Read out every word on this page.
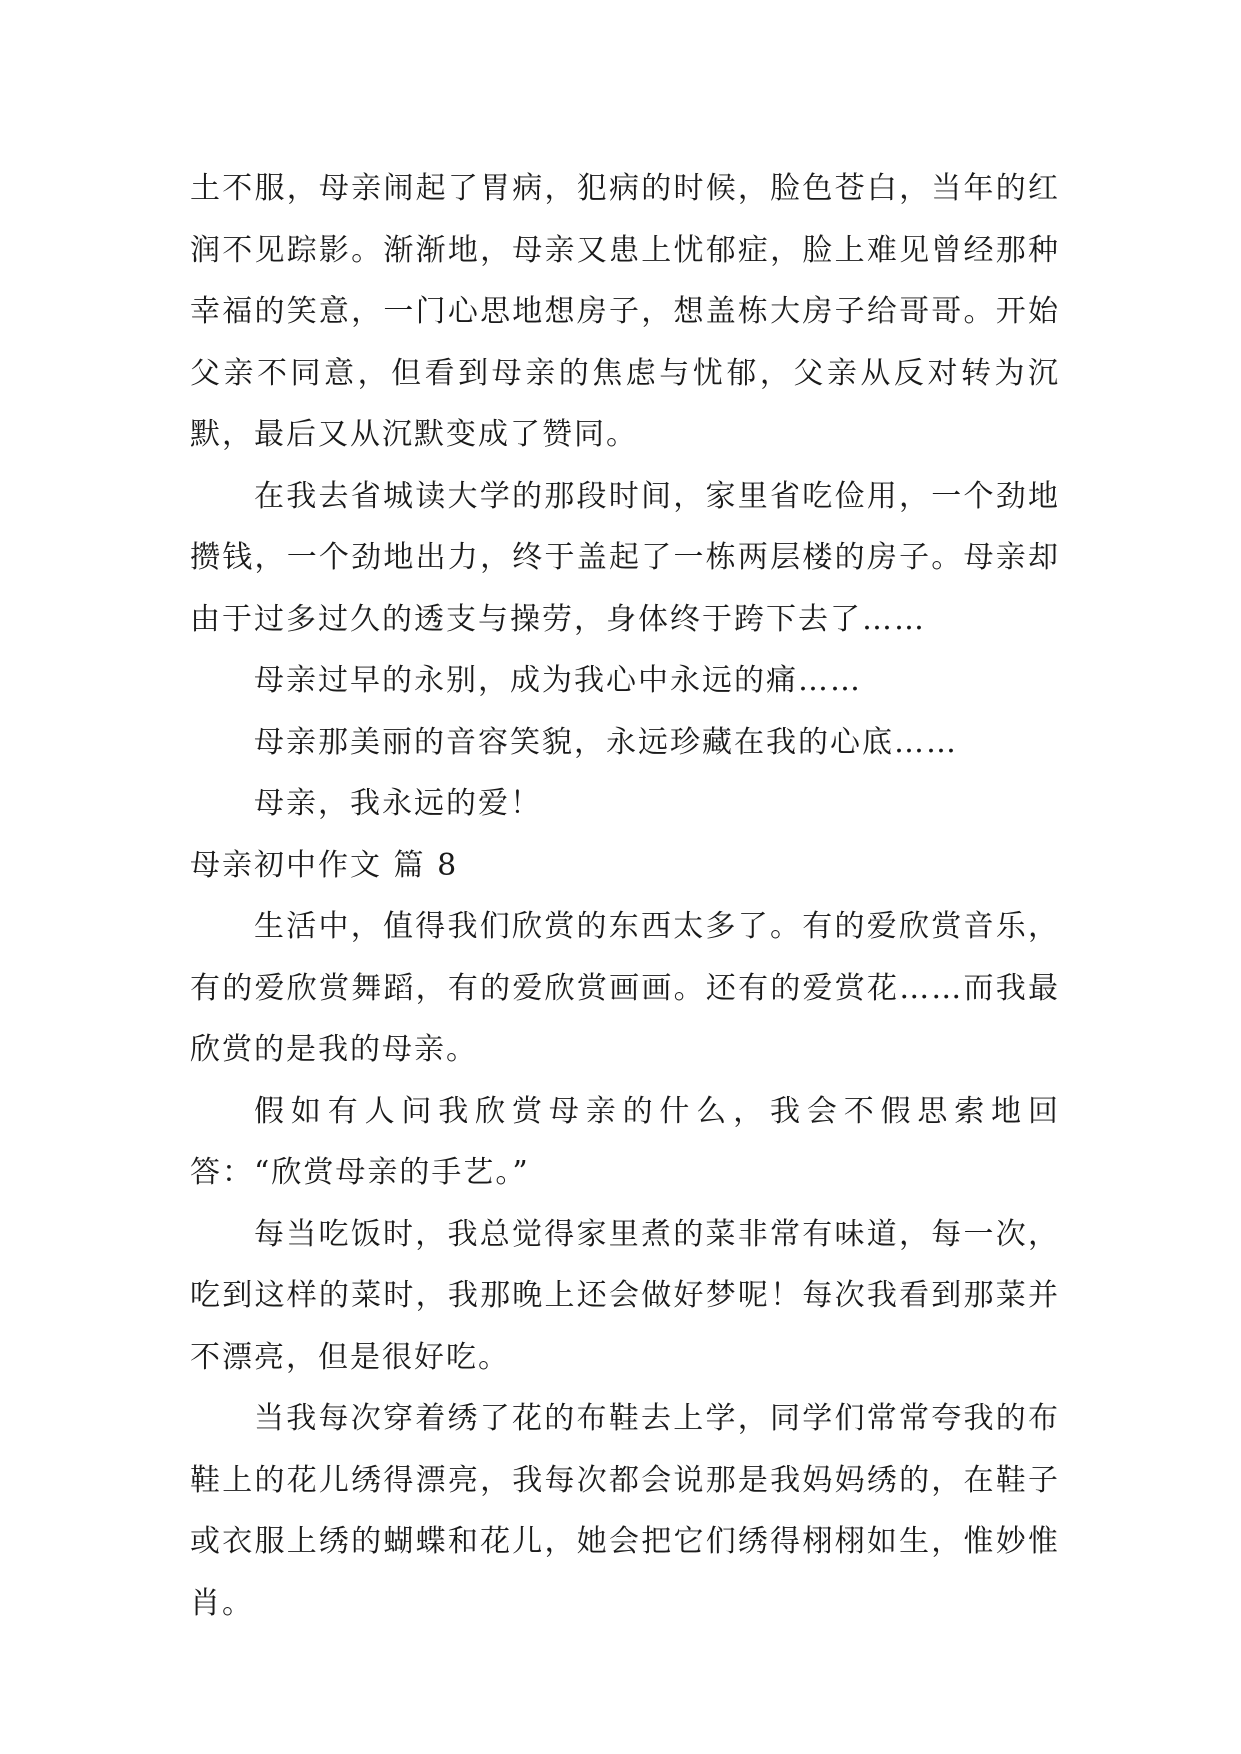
土不服，母亲闹起了胃病，犯病的时候，脸色苍白，当年的红润不见踪影。渐渐地，母亲又患上忧郁症，脸上难见曾经那种幸福的笑意，一门心思地想房子，想盖栋大房子给哥哥。开始父亲不同意，但看到母亲的焦虑与忧郁，父亲从反对转为沉默，最后又从沉默变成了赞同。

在我去省城读大学的那段时间，家里省吃俭用，一个劲地攒钱，一个劲地出力，终于盖起了一栋两层楼的房子。母亲却由于过多过久的透支与操劳，身体终于跨下去了……

母亲过早的永别，成为我心中永远的痛……

母亲那美丽的音容笑貌，永远珍藏在我的心底……

母亲，我永远的爱！

母亲初中作文 篇 8

生活中，值得我们欣赏的东西太多了。有的爱欣赏音乐，有的爱欣赏舞蹈，有的爱欣赏画画。还有的爱赏花……而我最欣赏的是我的母亲。

假如有人问我欣赏母亲的什么，我会不假思索地回答：“欣赏母亲的手艺。”

每当吃饭时，我总觉得家里煮的菜非常有味道，每一次，吃到这样的菜时，我那晚上还会做好梦呢！每次我看到那菜并不漂亮，但是很好吃。

当我每次穿着绣了花的布鞋去上学，同学们常常夸我的布鞋上的花儿绣得漂亮，我每次都会说那是我妈妈绣的，在鞋子或衣服上绣的蝴蝶和花儿，她会把它们绣得栩栩如生，惟妙惟肖。
